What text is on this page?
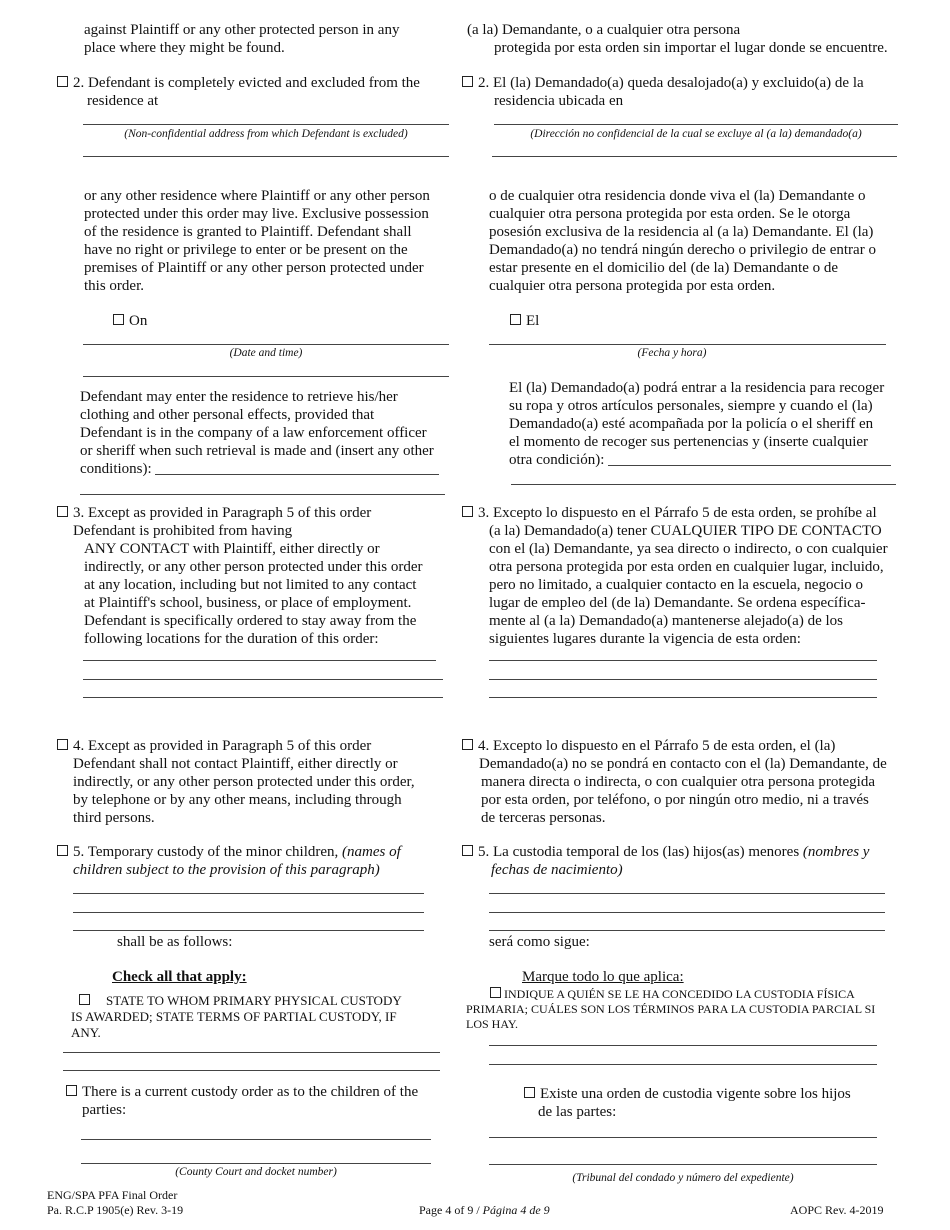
against Plaintiff or any other protected person in any
place where they might be found.
2. Defendant is completely evicted and excluded from the
residence at
(Non-confidential address from which Defendant is excluded)
or any other residence where Plaintiff or any other person
protected under this order may live. Exclusive possession
of the residence is granted to Plaintiff. Defendant shall
have no right or privilege to enter or be present on the
premises of Plaintiff or any other person protected under
this order.
On
(Date and time)
Defendant may enter the residence to retrieve his/her
clothing and other personal effects, provided that
Defendant is in the company of a law enforcement officer
or sheriff when such retrieval is made and (insert any other
conditions):
3. Except as provided in Paragraph 5 of this order
Defendant is prohibited from having
ANY CONTACT with Plaintiff, either directly or
indirectly, or any other person protected under this order
at any location, including but not limited to any contact
at Plaintiff's school, business, or place of employment.
Defendant is specifically ordered to stay away from the
following locations for the duration of this order:
4. Except as provided in Paragraph 5 of this order
Defendant shall not contact Plaintiff, either directly or
indirectly, or any other person protected under this order,
by telephone or by any other means, including through
third persons.
5. Temporary custody of the minor children, (names of
children subject to the provision of this paragraph)
shall be as follows:
Check all that apply:
STATE TO WHOM PRIMARY PHYSICAL CUSTODY
IS AWARDED; STATE TERMS OF PARTIAL CUSTODY, IF
ANY.
There is a current custody order as to the children of the
parties:
(County Court and docket number)
(a la) Demandante, o a cualquier otra persona
protegida por esta orden sin importar el lugar donde se encuentre.
2. El (la) Demandado(a) queda desalojado(a) y excluido(a) de la
residencia ubicada en
(Dirección no confidencial de la cual se excluye al (a la) demandado(a)
o de cualquier otra residencia donde viva el (la) Demandante o
cualquier otra persona protegida por esta orden. Se le otorga
posesión exclusiva de la residencia al (a la) Demandante. El (la)
Demandado(a) no tendrá ningún derecho o privilegio de entrar o
estar presente en el domicilio del (de la) Demandante o de
cualquier otra persona protegida por esta orden.
El
(Fecha y hora)
El (la) Demandado(a) podrá entrar a la residencia para recoger
su ropa y otros artículos personales, siempre y cuando el (la)
Demandado(a) esté acompañada por la policía o el sheriff en
el momento de recoger sus pertenencias y (inserte cualquier
otra condición):
3. Excepto lo dispuesto en el Párrafo 5 de esta orden, se prohíbe al
(a la) Demandado(a) tener CUALQUIER TIPO DE CONTACTO
con el (la) Demandante, ya sea directo o indirecto, o con cualquier
otra persona protegida por esta orden en cualquier lugar, incluido,
pero no limitado, a cualquier contacto en la escuela, negocio o
lugar de empleo del (de la) Demandante. Se ordena específica-
mente al (a la) Demandado(a) mantenerse alejado(a) de los
siguientes lugares durante la vigencia de esta orden:
4. Excepto lo dispuesto en el Párrafo 5 de esta orden, el (la)
Demandado(a) no se pondrá en contacto con el (la) Demandante, de
manera directa o indirecta, o con cualquier otra persona protegida
por esta orden, por teléfono, o por ningún otro medio, ni a través
de terceras personas.
5. La custodia temporal de los (las) hijos(as) menores (nombres y
fechas de nacimiento)
será como sigue:
Marque todo lo que aplica:
INDIQUE A QUIÉN SE LE HA CONCEDIDO LA CUSTODIA FÍSICA
PRIMARIA; CUÁLES SON LOS TÉRMINOS PARA LA CUSTODIA PARCIAL SI
LOS HAY.
Existe una orden de custodia vigente sobre los hijos
de las partes:
(Tribunal del condado y número del expediente)
ENG/SPA PFA Final Order
Pa. R.C.P 1905(e) Rev. 3-19	Page 4 of 9 / Página 4 de 9	AOPC Rev. 4-2019
